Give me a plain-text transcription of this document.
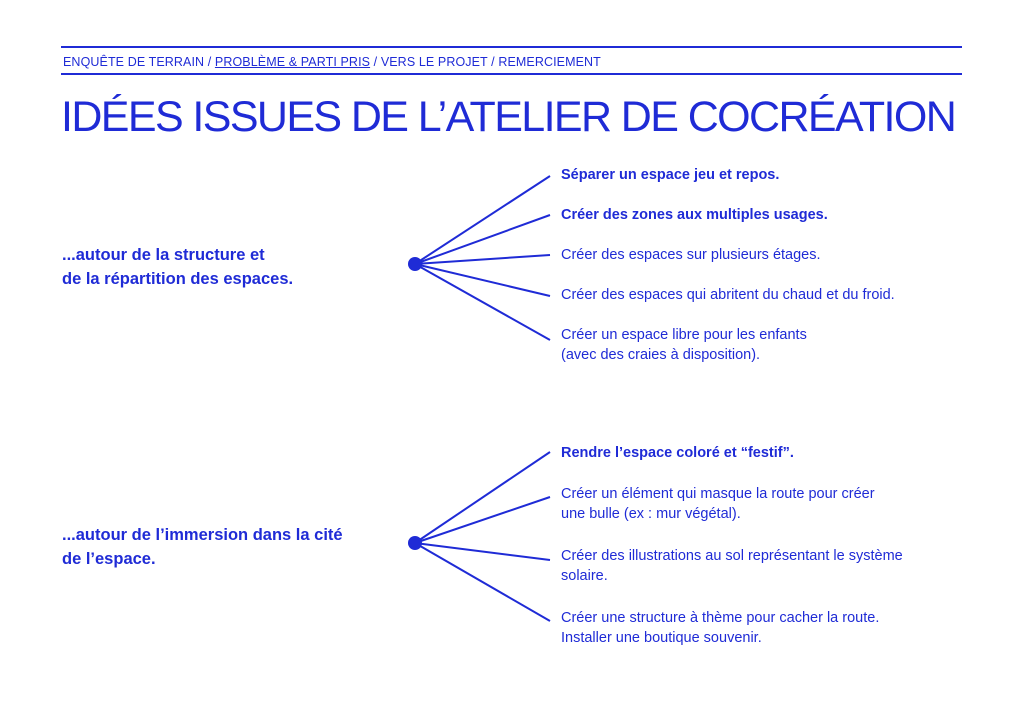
ENQUÊTE DE TERRAIN / PROBLÈME & PARTI PRIS / VERS LE PROJET / REMERCIEMENT
IDÉES ISSUES DE L’ATELIER DE COCRÉATION
...autour de la structure et
de la répartition des espaces.
Séparer un espace jeu et repos.
Créer des zones aux multiples usages.
Créer des espaces sur plusieurs étages.
Créer des espaces qui abritent du chaud et du froid.
Créer un espace libre pour les enfants
(avec des craies à disposition).
...autour de l’immersion dans la cité
de l’espace.
Rendre l’espace coloré et “festif”.
Créer un élément qui masque la route pour créer
une bulle (ex : mur végétal).
Créer des illustrations au sol représentant le système
solaire.
Créer une structure à thème pour cacher la route.
Installer une boutique souvenir.
